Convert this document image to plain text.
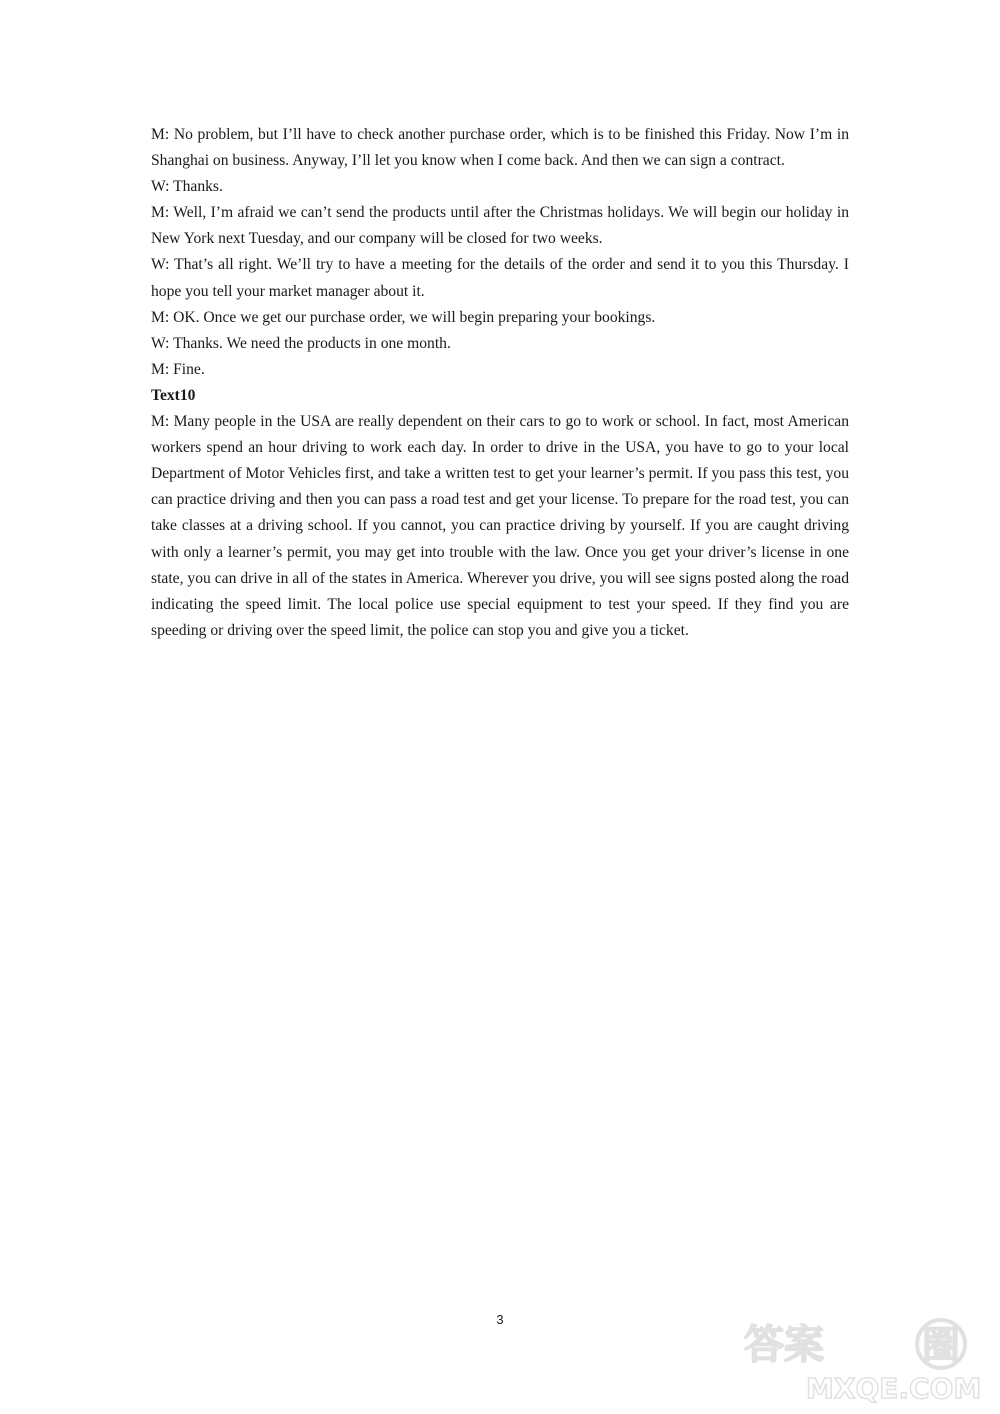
M: No problem, but I’ll have to check another purchase order, which is to be finished this Friday. Now I’m in Shanghai on business. Anyway, I’ll let you know when I come back. And then we can sign a contract.

W: Thanks.

M: Well, I’m afraid we can’t send the products until after the Christmas holidays. We will begin our holiday in New York next Tuesday, and our company will be closed for two weeks.

W: That’s all right. We’ll try to have a meeting for the details of the order and send it to you this Thursday. I hope you tell your market manager about it.

M: OK. Once we get our purchase order, we will begin preparing your bookings.

W: Thanks. We need the products in one month.

M: Fine.

Text10

M: Many people in the USA are really dependent on their cars to go to work or school. In fact, most American workers spend an hour driving to work each day. In order to drive in the USA, you have to go to your local Department of Motor Vehicles first, and take a written test to get your learner’s permit. If you pass this test, you can practice driving and then you can pass a road test and get your license. To prepare for the road test, you can take classes at a driving school. If you cannot, you can practice driving by yourself. If you are caught driving with only a learner’s permit, you may get into trouble with the law. Once you get your driver’s license in one state, you can drive in all of the states in America. Wherever you drive, you will see signs posted along the road indicating the speed limit. The local police use special equipment to test your speed. If they find you are speeding or driving over the speed limit, the police can stop you and give you a ticket.

3
答案	圈
MXQE.COM
